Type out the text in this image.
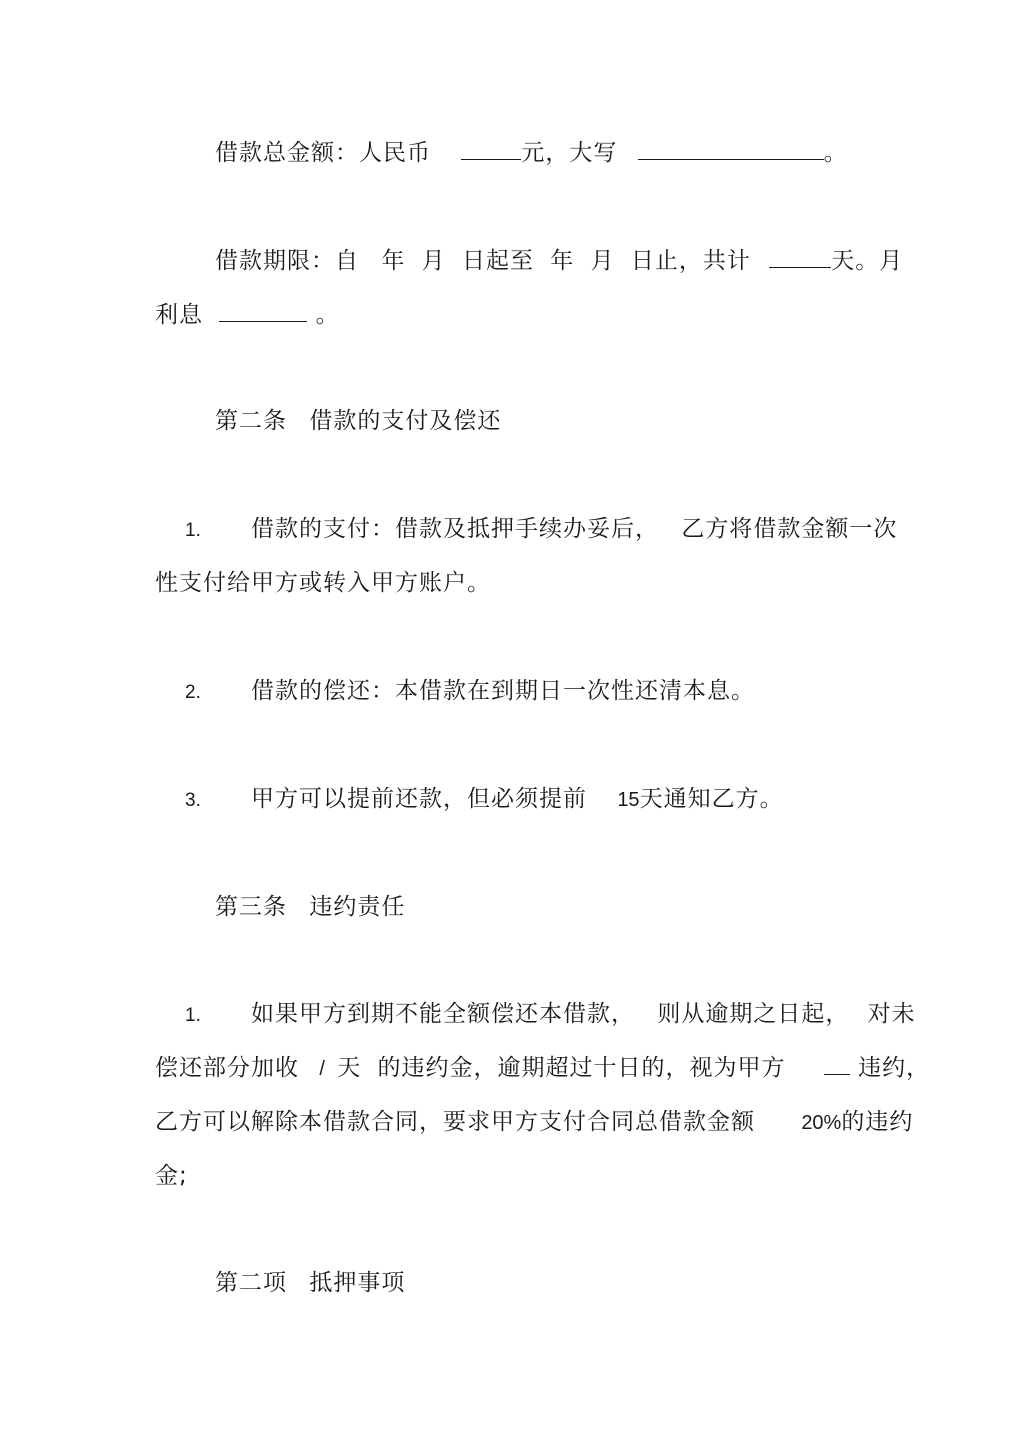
借款总金额：人民币	元，大写	。
借款期限：自 年 月 日起至 年 月 日止，共计	天。月
利息	。
第二条 借款的支付及偿还
1. 借款的支付：借款及抵押手续办妥后， 乙方将借款金额一次
性支付给甲方或转入甲方账户。
2. 借款的偿还：本借款在到期日一次性还清本息。
3. 甲方可以提前还款，但必须提前 15天通知乙方。
第三条 违约责任
1. 如果甲方到期不能全额偿还本借款， 则从逾期之日起， 对未
偿还部分加收 / 天 的违约金，逾期超过十日的，视为甲方	违约，
乙方可以解除本借款合同，要求甲方支付合同总借款金额 20%的违约
金;
第二项 抵押事项
